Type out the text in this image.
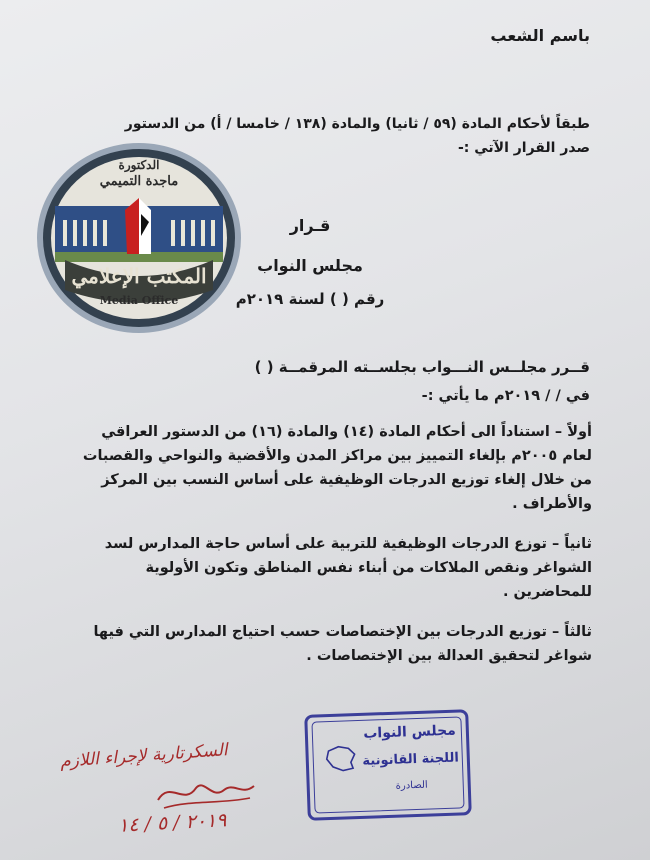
باسم الشعب
طبقاً لأحكام المادة (٥٩ / ثانيا) والمادة (١٣٨ / خامسا / أ) من الدستور
صدر القرار الآتي :-
الدكتورة
ماجدة التميمي
المكتب الإعلامي
Media Office
قـرار
مجلس النواب
رقم ( ) لسنة ٢٠١٩م
قــرر مجلــس النـــواب بجلســته المرقمــة ( )
في / / ٢٠١٩م ما يأتي :-
أولاً – استناداً الى أحكام المادة (١٤) والمادة (١٦) من الدستور العراقي لعام ٢٠٠٥م بإلغاء التمييز بين مراكز المدن والأقضية والنواحي والقصبات من خلال إلغاء توزيع الدرجات الوظيفية على أساس النسب بين المركز والأطراف .
ثانياً – توزع الدرجات الوظيفية للتربية على أساس حاجة المدارس لسد الشواغر ونقص الملاكات من أبناء نفس المناطق وتكون الأولوية للمحاضرين .
ثالثاً – توزيع الدرجات بين الإختصاصات حسب احتياج المدارس التي فيها شواغر لتحقيق العدالة بين الإختصاصات .
مجلس النواب
اللجنة القانونية
الصادرة
السكرتارية لإجراء اللازم
٢٠١٩ / ٥ / ١٤
